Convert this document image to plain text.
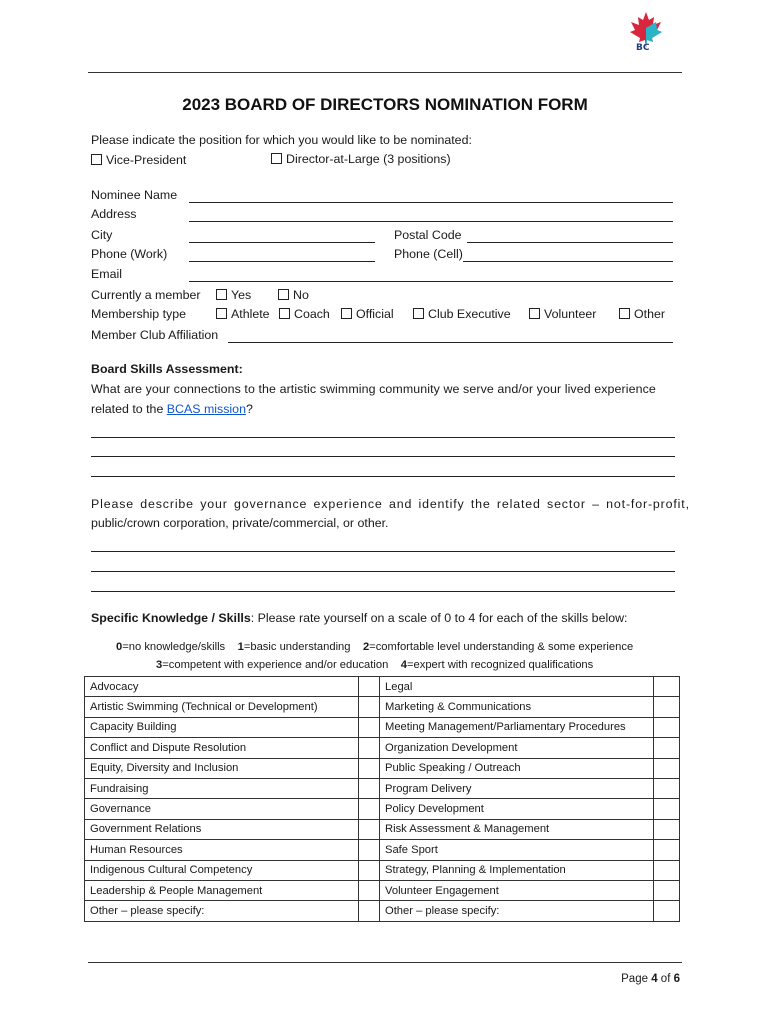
BC
2023 BOARD OF DIRECTORS NOMINATION FORM
Please indicate the position for which you would like to be nominated:
Vice-President	Director-at-Large (3 positions)
Nominee Name
Address
City	Postal Code
Phone (Work)	Phone (Cell)
Email
Currently a member	Yes	No
Membership type	Athlete	Coach	Official	Club Executive	Volunteer	Other
Member Club Affiliation
Board Skills Assessment:
What are your connections to the artistic swimming community we serve and/or your lived experience
related to the BCAS mission?
Please describe your governance experience and identify the related sector – not-for-profit,
public/crown corporation, private/commercial, or other.
Specific Knowledge / Skills: Please rate yourself on a scale of 0 to 4 for each of the skills below:
0=no knowledge/skills 1=basic understanding 2=comfortable level understanding & some experience
3=competent with experience and/or education 4=expert with recognized qualifications
Advocacy		Legal	
Artistic Swimming (Technical or Development)		Marketing & Communications	
Capacity Building		Meeting Management/Parliamentary Procedures	
Conflict and Dispute Resolution		Organization Development	
Equity, Diversity and Inclusion		Public Speaking / Outreach	
Fundraising		Program Delivery	
Governance		Policy Development	
Government Relations		Risk Assessment & Management	
Human Resources		Safe Sport	
Indigenous Cultural Competency		Strategy, Planning & Implementation	
Leadership & People Management		Volunteer Engagement	
Other – please specify:		Other – please specify:	
Page 4 of 6
